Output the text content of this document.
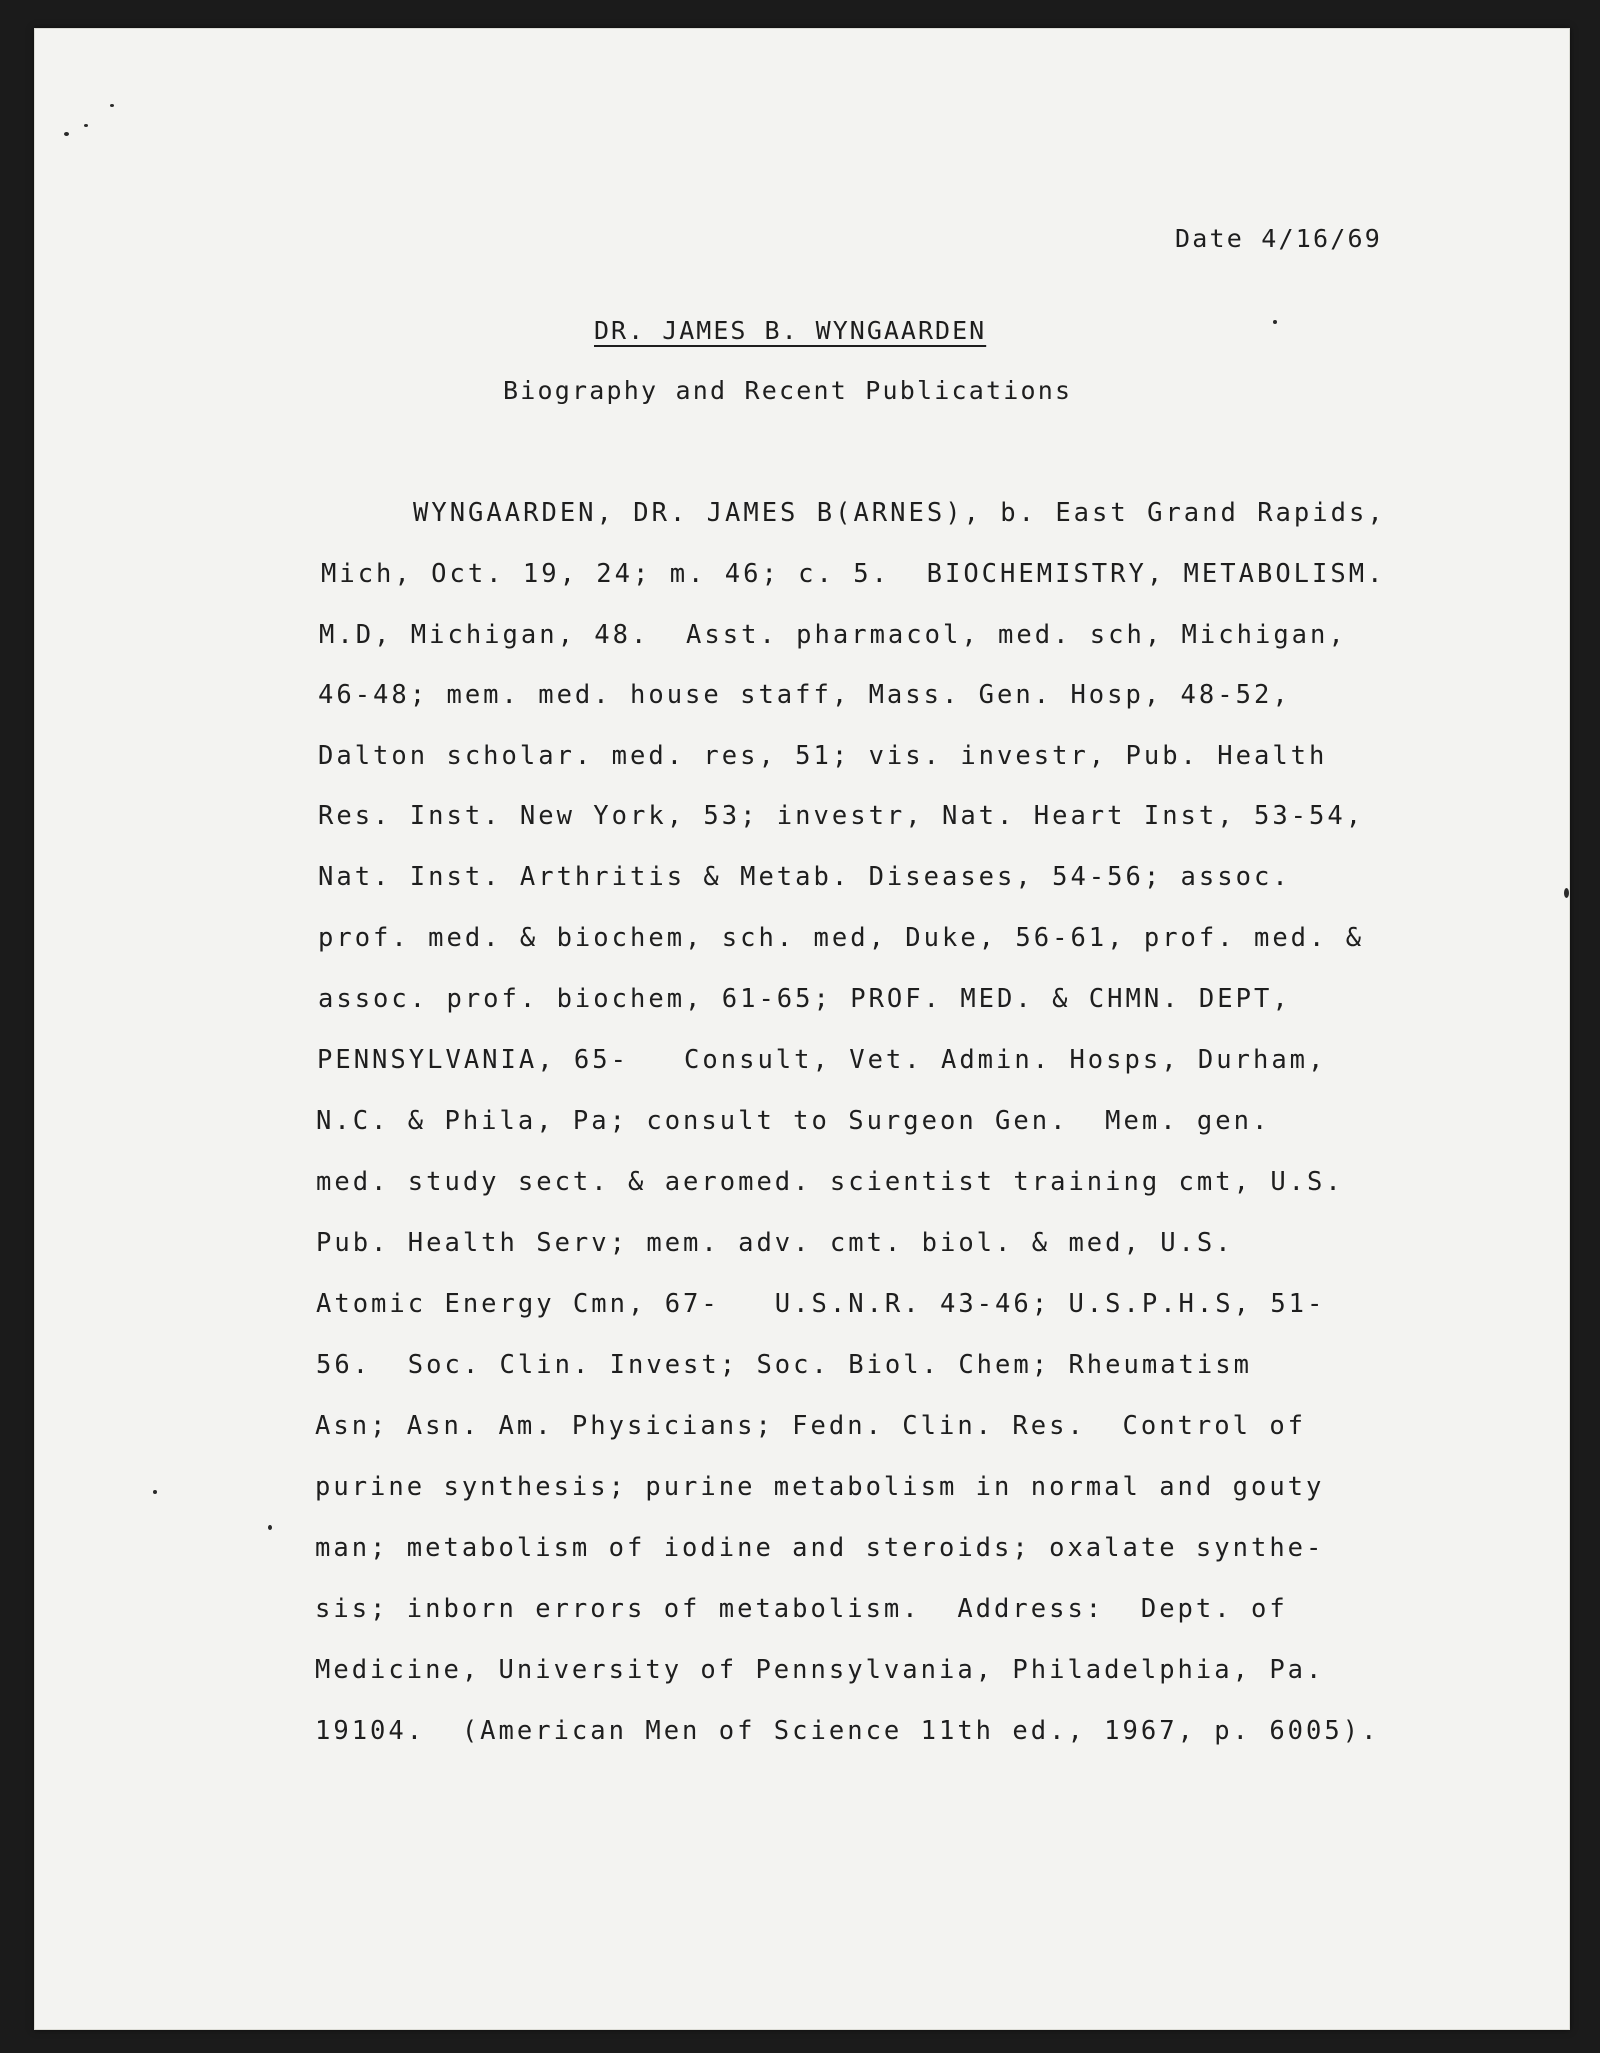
Date 4/16/69
DR. JAMES B. WYNGAARDEN
Biography and Recent Publications
WYNGAARDEN, DR. JAMES B(ARNES), b. East Grand Rapids,
Mich, Oct. 19, 24; m. 46; c. 5.  BIOCHEMISTRY, METABOLISM.
M.D, Michigan, 48.  Asst. pharmacol, med. sch, Michigan,
46-48; mem. med. house staff, Mass. Gen. Hosp, 48-52,
Dalton scholar. med. res, 51; vis. investr, Pub. Health
Res. Inst. New York, 53; investr, Nat. Heart Inst, 53-54,
Nat. Inst. Arthritis & Metab. Diseases, 54-56; assoc.
prof. med. & biochem, sch. med, Duke, 56-61, prof. med. &
assoc. prof. biochem, 61-65; PROF. MED. & CHMN. DEPT,
PENNSYLVANIA, 65-   Consult, Vet. Admin. Hosps, Durham,
N.C. & Phila, Pa; consult to Surgeon Gen.  Mem. gen.
med. study sect. & aeromed. scientist training cmt, U.S.
Pub. Health Serv; mem. adv. cmt. biol. & med, U.S.
Atomic Energy Cmn, 67-   U.S.N.R. 43-46; U.S.P.H.S, 51-
56.  Soc. Clin. Invest; Soc. Biol. Chem; Rheumatism
Asn; Asn. Am. Physicians; Fedn. Clin. Res.  Control of
purine synthesis; purine metabolism in normal and gouty
man; metabolism of iodine and steroids; oxalate synthe-
sis; inborn errors of metabolism.  Address:  Dept. of
Medicine, University of Pennsylvania, Philadelphia, Pa.
19104.  (American Men of Science 11th ed., 1967, p. 6005).
